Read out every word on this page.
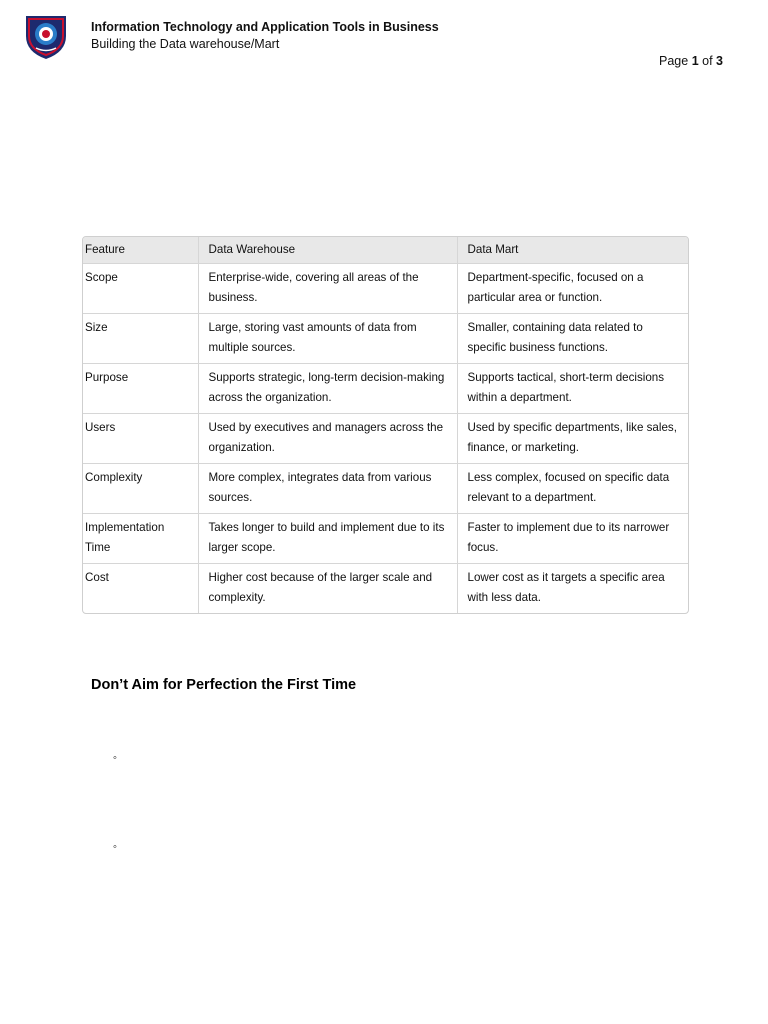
Information Technology and Application Tools in Business
Building the Data warehouse/Mart
Page 1 of 3
Feature	Data Warehouse	Data Mart
Scope	Enterprise-wide, covering all areas of the business.	Department-specific, focused on a particular area or function.
Size	Large, storing vast amounts of data from multiple sources.	Smaller, containing data related to specific business functions.
Purpose	Supports strategic, long-term decision-making across the organization.	Supports tactical, short-term decisions within a department.
Users	Used by executives and managers across the organization.	Used by specific departments, like sales, finance, or marketing.
Complexity	More complex, integrates data from various sources.	Less complex, focused on specific data relevant to a department.
Implementation Time	Takes longer to build and implement due to its larger scope.	Faster to implement due to its narrower focus.
Cost	Higher cost because of the larger scale and complexity.	Lower cost as it targets a specific area with less data.
Don’t Aim for Perfection the First Time
◦
◦
